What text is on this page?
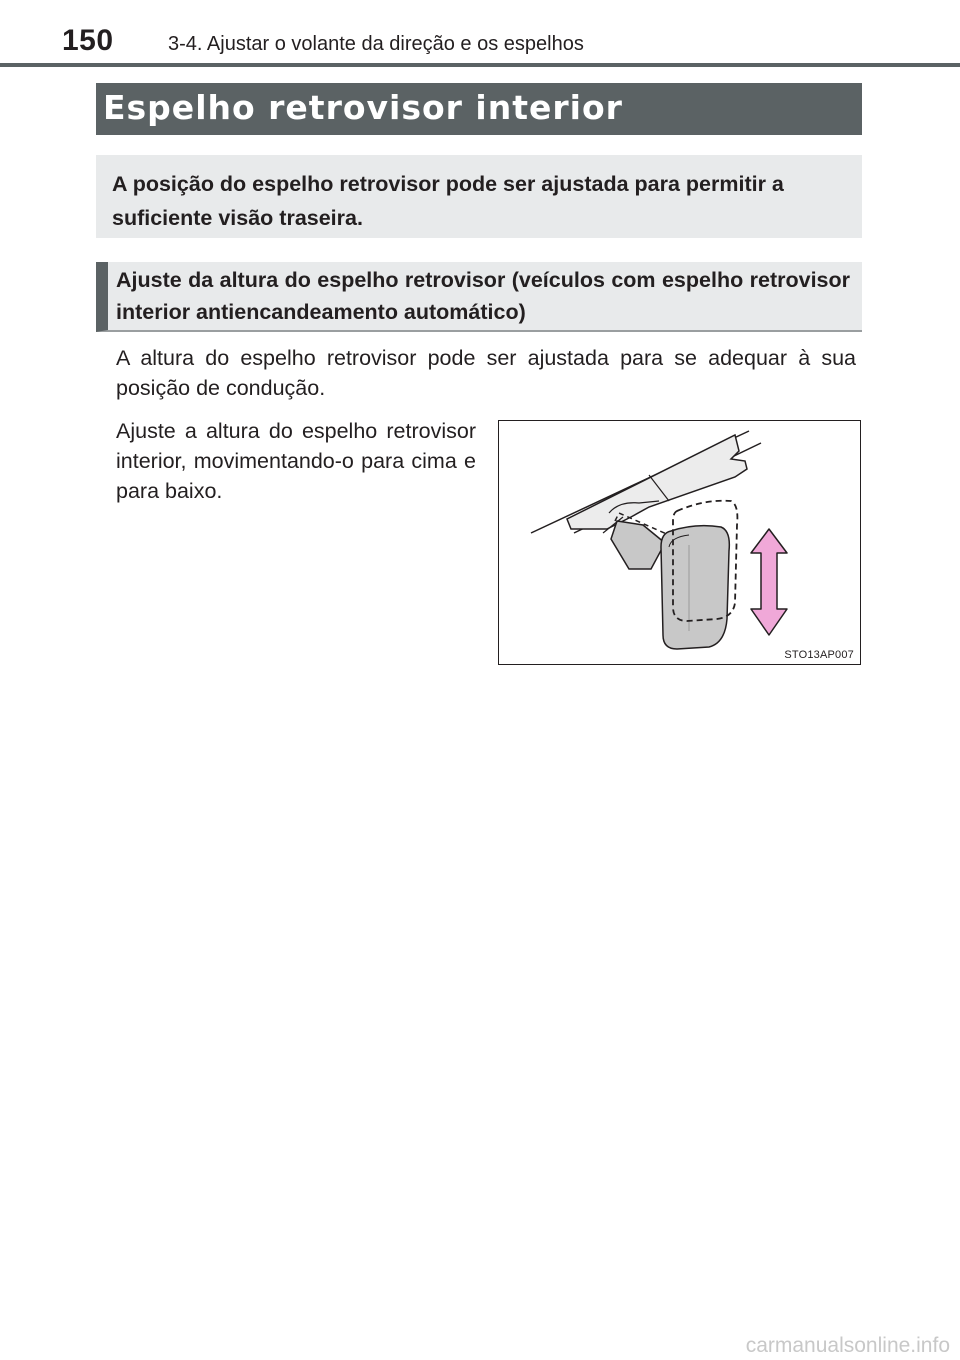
150	3-4. Ajustar o volante da direção e os espelhos
Espelho retrovisor interior
A posição do espelho retrovisor pode ser ajustada para permitir a suficiente visão traseira.
Ajuste da altura do espelho retrovisor (veículos com espelho retrovisor interior antiencandeamento automático)
A altura do espelho retrovisor pode ser ajustada para se adequar à sua posição de condução.
Ajuste a altura do espelho retrovisor interior, movimentando-o para cima e para baixo.
STO13AP007
carmanualsonline.info
